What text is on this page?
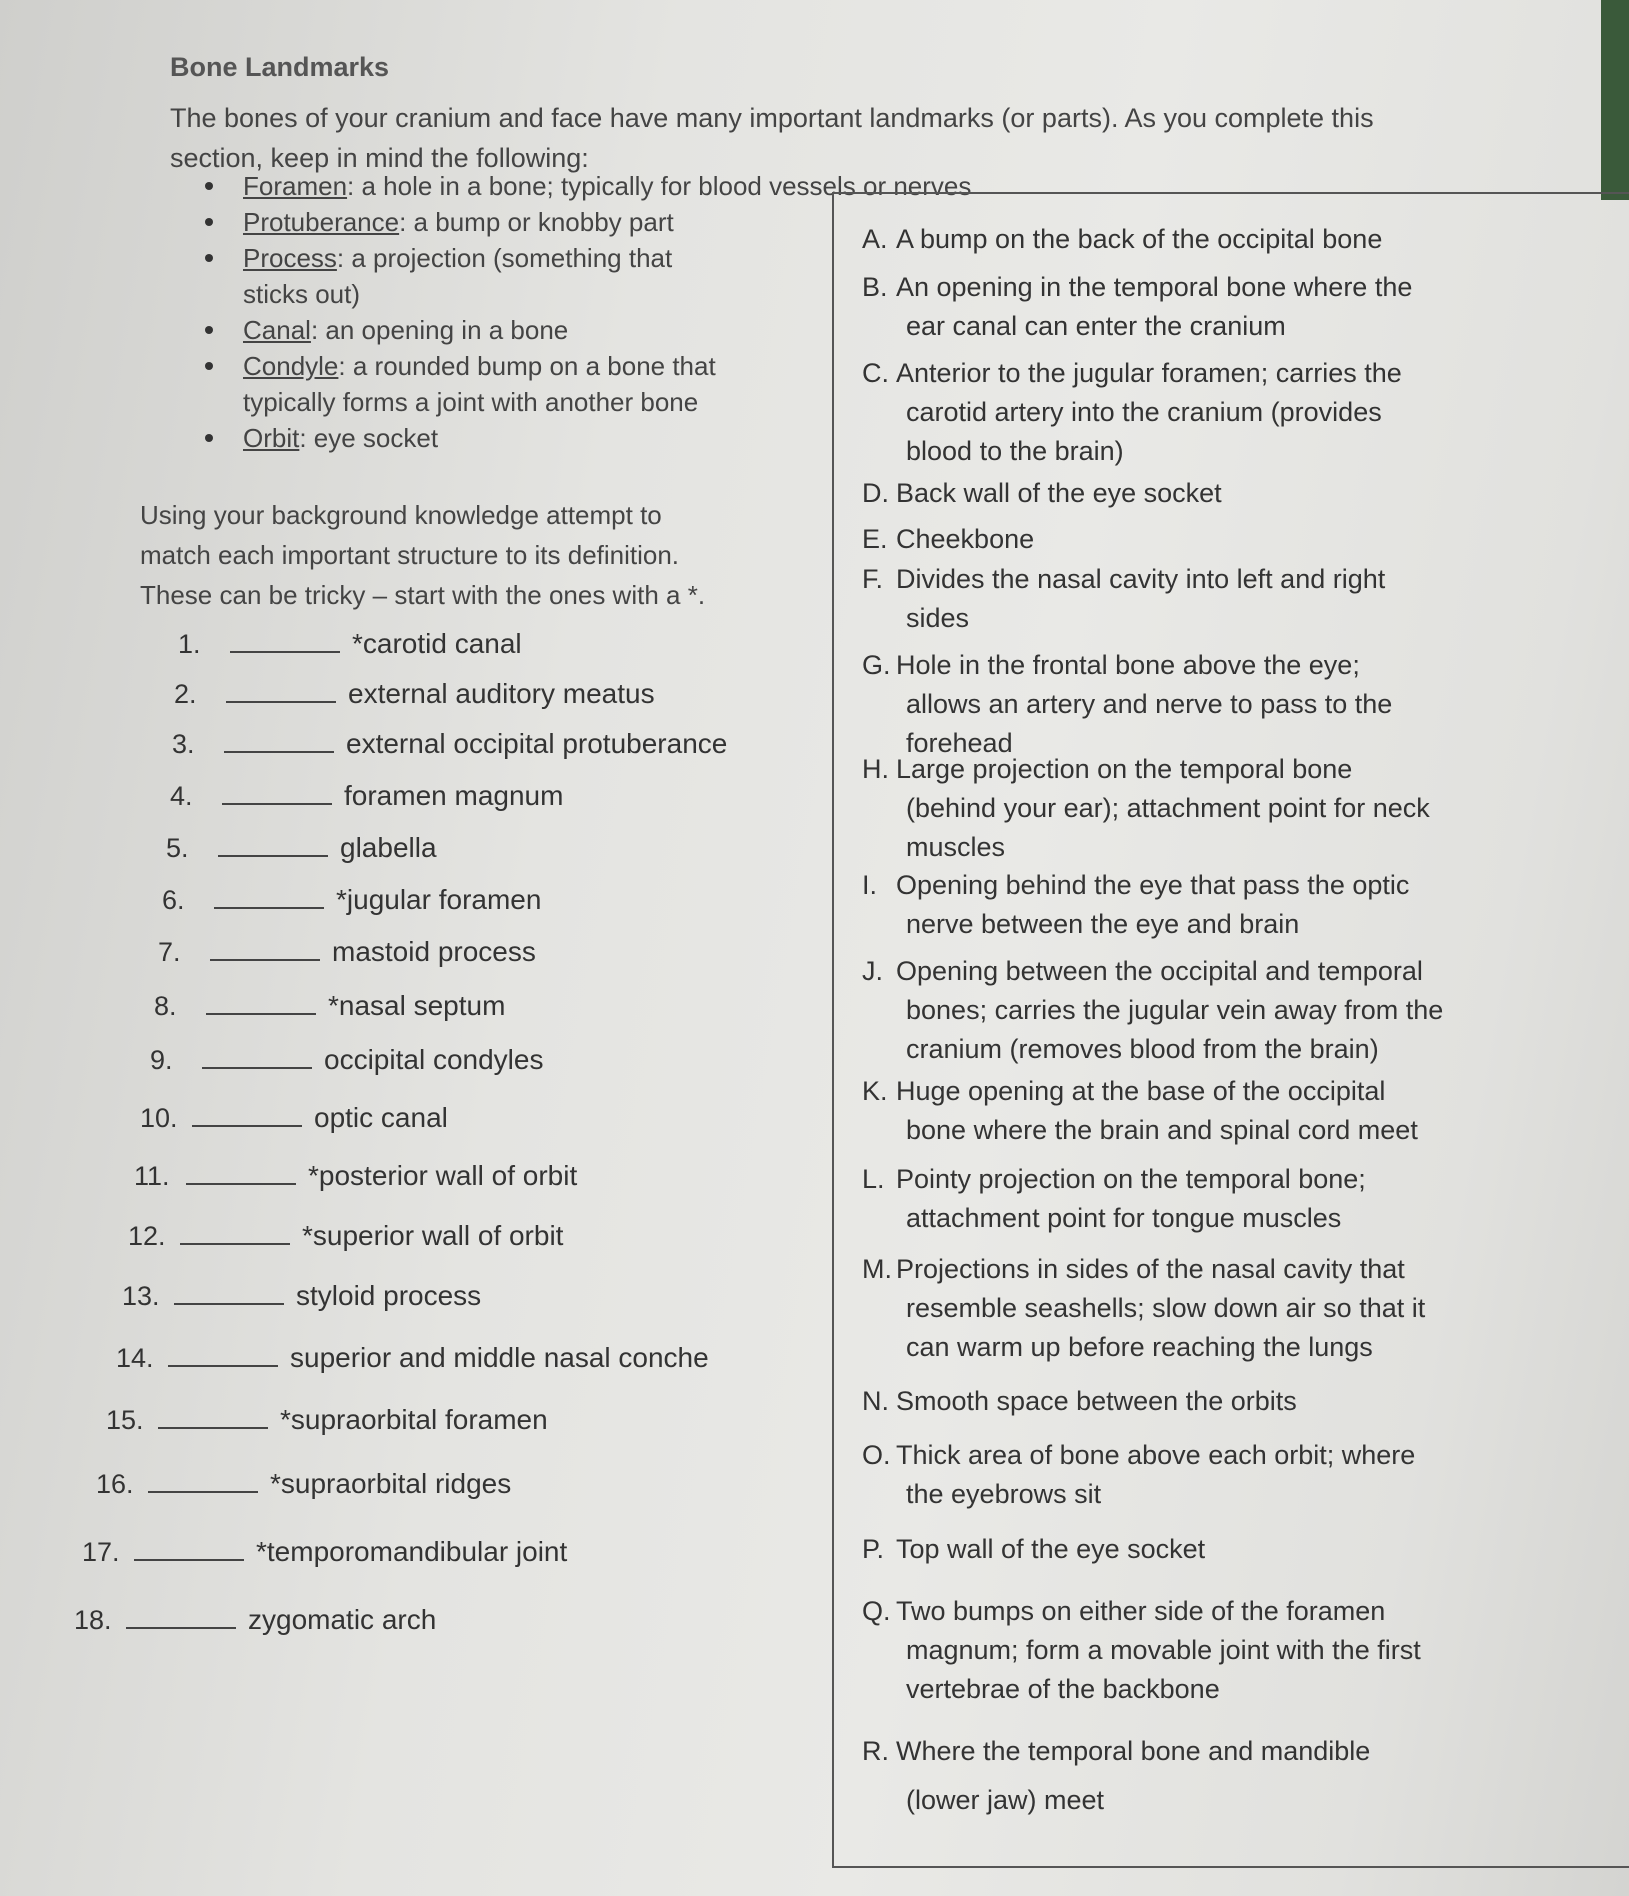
Bone Landmarks
The bones of your cranium and face have many important landmarks (or parts). As you complete this
section, keep in mind the following:
Foramen: a hole in a bone; typically for blood vessels or nerves
Protuberance: a bump or knobby part
Process: a projection (something that
sticks out)
Canal: an opening in a bone
Condyle: a rounded bump on a bone that
typically forms a joint with another bone
Orbit: eye socket
Using your background knowledge attempt to
match each important structure to its definition.
These can be tricky – start with the ones with a *.
1.	*carotid canal
2.	external auditory meatus
3.	external occipital protuberance
4.	foramen magnum
5.	glabella
6.	*jugular foramen
7.	mastoid process
8.	*nasal septum
9.	occipital condyles
10.	optic canal
11.	*posterior wall of orbit
12.	*superior wall of orbit
13.	styloid process
14.	superior and middle nasal conche
15.	*supraorbital foramen
16.	*supraorbital ridges
17.	*temporomandibular joint
18.	zygomatic arch
A. A bump on the back of the occipital bone
B. An opening in the temporal bone where the
ear canal can enter the cranium
C. Anterior to the jugular foramen; carries the
carotid artery into the cranium (provides
blood to the brain)
D. Back wall of the eye socket
E. Cheekbone
F. Divides the nasal cavity into left and right
sides
G. Hole in the frontal bone above the eye;
allows an artery and nerve to pass to the
forehead
H. Large projection on the temporal bone
(behind your ear); attachment point for neck
muscles
I. Opening behind the eye that pass the optic
nerve between the eye and brain
J. Opening between the occipital and temporal
bones; carries the jugular vein away from the
cranium (removes blood from the brain)
K. Huge opening at the base of the occipital
bone where the brain and spinal cord meet
L. Pointy projection on the temporal bone;
attachment point for tongue muscles
M. Projections in sides of the nasal cavity that
resemble seashells; slow down air so that it
can warm up before reaching the lungs
N. Smooth space between the orbits
O. Thick area of bone above each orbit; where
the eyebrows sit
P. Top wall of the eye socket
Q. Two bumps on either side of the foramen
magnum; form a movable joint with the first
vertebrae of the backbone
R. Where the temporal bone and mandible
(lower jaw) meet
